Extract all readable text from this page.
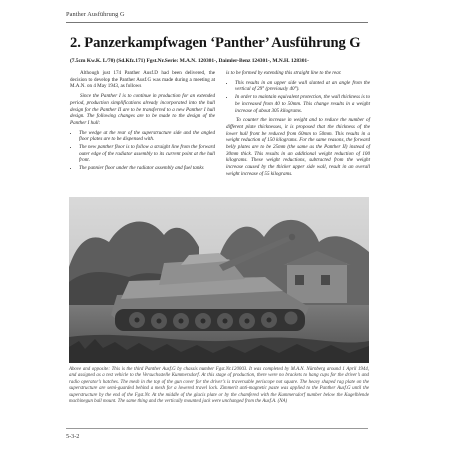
Panther Ausführung G
2. Panzerkampfwagen ‘Panther’ Ausführung G
(7.5cm Kw.K. L/70) (Sd.Kfz.171) Fgst.Nr.Serie: M.A.N. 120301-, Daimler-Benz 124301-, M.N.H. 128301-

Although just 174 Panther Ausf.D had been delivered, the decision to develop the Panther Ausf.G was made during a meeting at M.A.N. on 4 May 1943, as follows

Since the Panther I is to continue in production for an extended period, production simplifications already incorporated into the hull design for the Panther II are to be transferred to a new Panther I hull design. The following changes are to be made to the design of the Panther I hull:

• The wedge at the rear of the superstructure side and the angled floor plates are to be dispensed with.
• The new panther floor is to follow a straight line from the forward outer edge of the radiator assembly to its current point at the hull front.
• The pannier floor under the radiator assembly and fuel tanks

is to be formed by extending this straight line to the rear.

• This results in an upper side wall slanted at an angle from the vertical of 29° (previously 40°).
• In order to maintain equivalent protection, the wall thickness is to be increased from 40 to 50mm. This change results in a weight increase of about 305 kilograms.

To counter the increase in weight and to reduce the number of different plate thicknesses, it is proposed that the thickness of the lower hull front be reduced from 60mm to 50mm. This results in a weight reduction of 150 kilograms. For the same reasons, the forward belly plates are to be 25mm (the same as the Panther II) instead of 30mm thick. This results in an additional weight reduction of 100 kilograms. These weight reductions, subtracted from the weight increase caused by the thicker upper side wall, result in an overall weight increase of 55 kilograms.

Above and opposite: This is the third Panther Ausf.G by chassis number Fgst.Nr.120003. It was completed by M.A.N. Nürnberg around 1 April 1944, and assigned as a test vehicle to the Versuchsstelle Kummersdorf. At this stage of production, there were no brackets to hang cups for the driver’s and radio operator’s hatches. The mesh in the top of the gun cover for the driver’s is traversable periscope not square. The heavy shaped rag plate on the superstructure are semi-guarded behind a mesh for a lowered travel lock. Zimmerit anti-magnetic paste was applied to the Panther Ausf.G until the superstructure by the end of the Fgst.Nr. At the middle of the glacis plate or by the chamfered with the Kummersdorf number below the Kugelblende machinegun ball mount. The same thing and the vertically mounted jack were unchanged from the Ausf.A. (NA)
5-3-2
